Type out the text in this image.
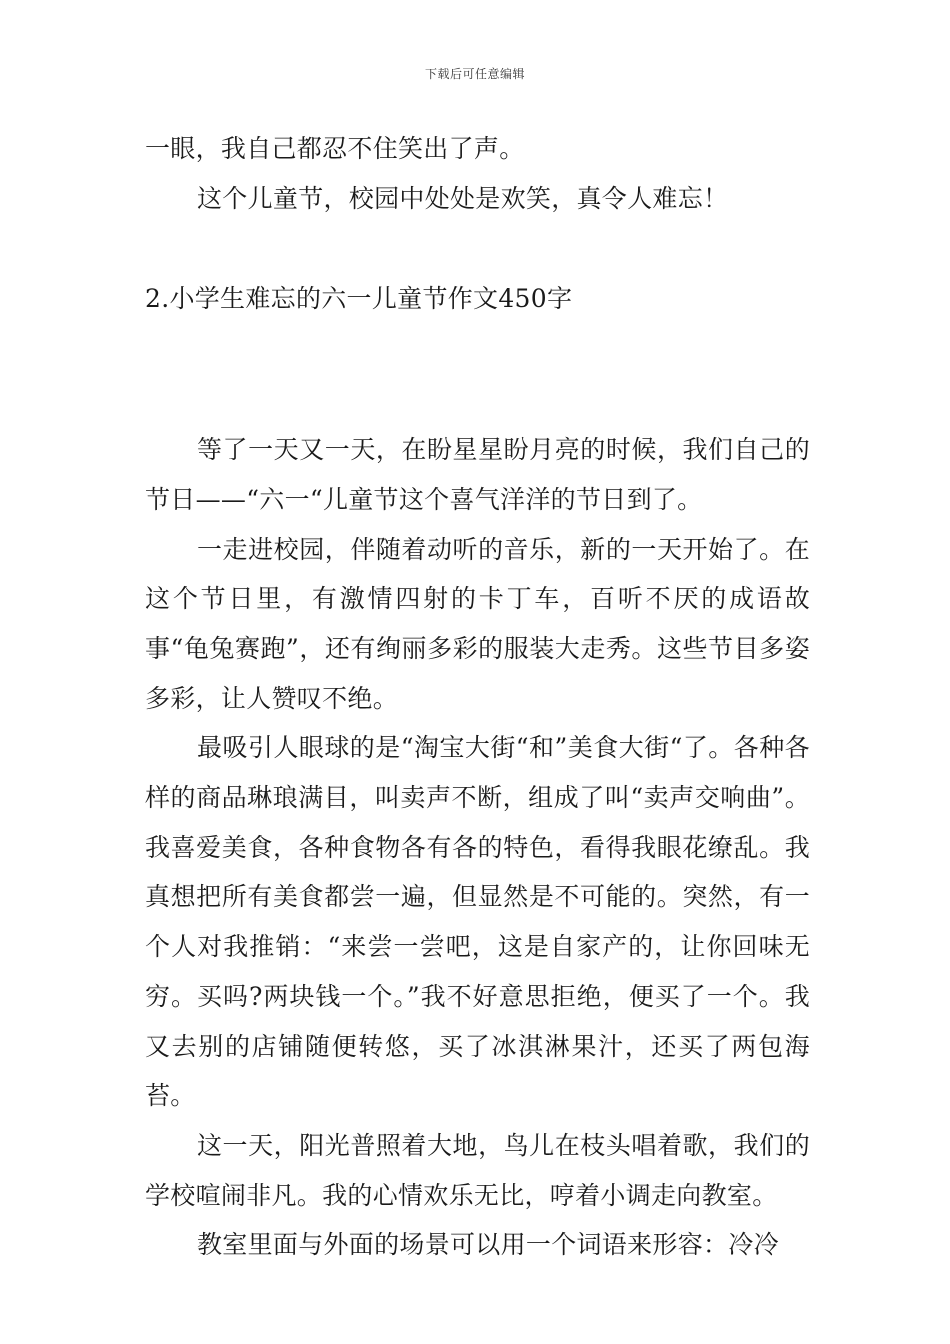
下载后可任意编辑

一眼，我自己都忍不住笑出了声。

这个儿童节，校园中处处是欢笑，真令人难忘！

2.小学生难忘的六一儿童节作文450字

等了一天又一天，在盼星星盼月亮的时候，我们自己的节日——“六一“儿童节这个喜气洋洋的节日到了。

一走进校园，伴随着动听的音乐，新的一天开始了。在这个节日里，有激情四射的卡丁车，百听不厌的成语故事“龟兔赛跑”，还有绚丽多彩的服装大走秀。这些节目多姿多彩，让人赞叹不绝。

最吸引人眼球的是“淘宝大街“和”美食大街“了。各种各样的商品琳琅满目，叫卖声不断，组成了叫“卖声交响曲”。我喜爱美食，各种食物各有各的特色，看得我眼花缭乱。我真想把所有美食都尝一遍，但显然是不可能的。突然，有一个人对我推销：“来尝一尝吧，这是自家产的，让你回味无穷。买吗?两块钱一个。”我不好意思拒绝，便买了一个。我又去别的店铺随便转悠，买了冰淇淋果汁，还买了两包海苔。

这一天，阳光普照着大地，鸟儿在枝头唱着歌，我们的学校喧闹非凡。我的心情欢乐无比，哼着小调走向教室。

教室里面与外面的场景可以用一个词语来形容：冷冷
